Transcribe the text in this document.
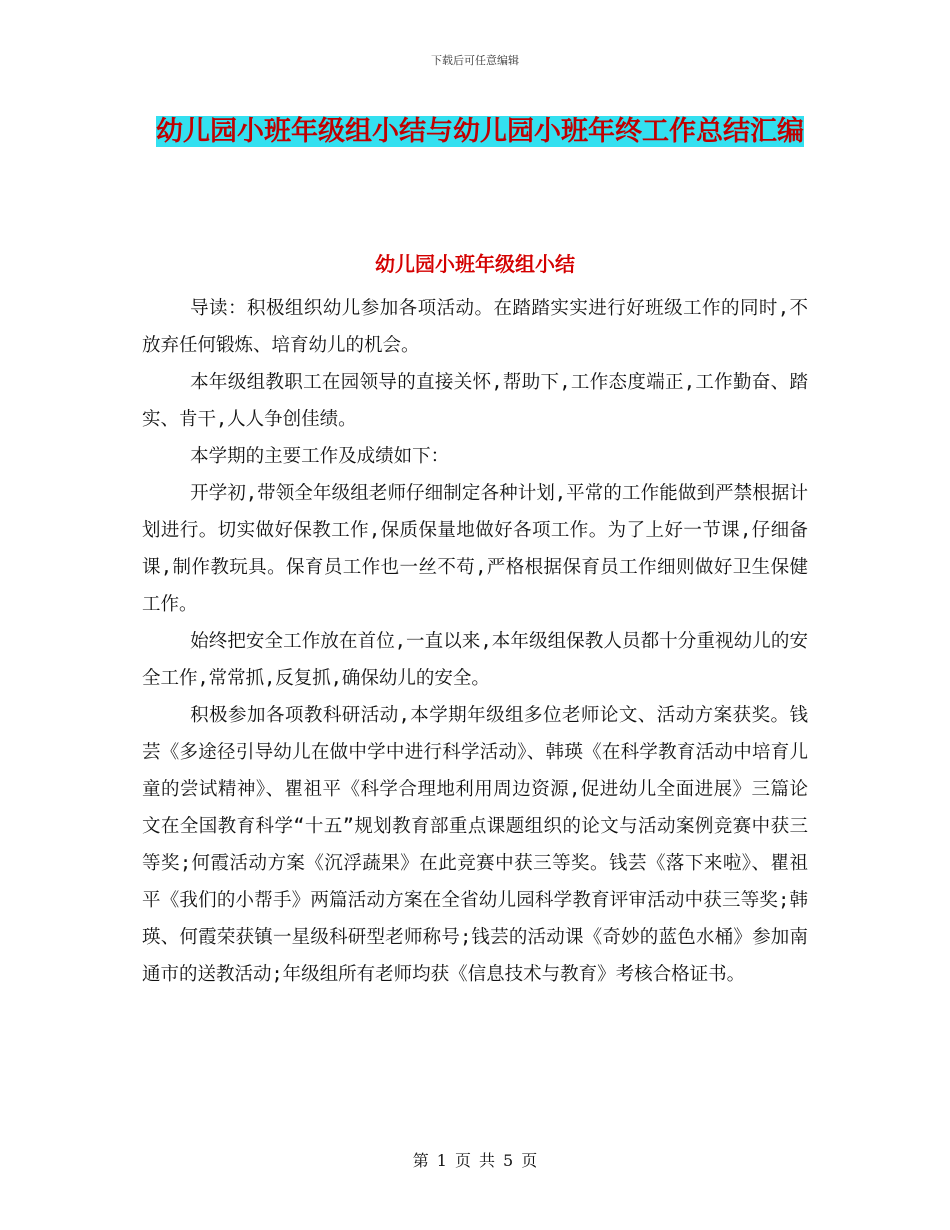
下载后可任意编辑
幼儿园小班年级组小结与幼儿园小班年终工作总结汇编
幼儿园小班年级组小结

导读：积极组织幼儿参加各项活动。在踏踏实实进行好班级工作的同时,不放弃任何锻炼、培育幼儿的机会。

本年级组教职工在园领导的直接关怀,帮助下,工作态度端正,工作勤奋、踏实、肯干,人人争创佳绩。

本学期的主要工作及成绩如下：

开学初,带领全年级组老师仔细制定各种计划,平常的工作能做到严禁根据计划进行。切实做好保教工作,保质保量地做好各项工作。为了上好一节课,仔细备课,制作教玩具。保育员工作也一丝不苟,严格根据保育员工作细则做好卫生保健工作。

始终把安全工作放在首位,一直以来,本年级组保教人员都十分重视幼儿的安全工作,常常抓,反复抓,确保幼儿的安全。

积极参加各项教科研活动,本学期年级组多位老师论文、活动方案获奖。钱芸《多途径引导幼儿在做中学中进行科学活动》、韩瑛《在科学教育活动中培育儿童的尝试精神》、瞿祖平《科学合理地利用周边资源,促进幼儿全面进展》三篇论文在全国教育科学“十五”规划教育部重点课题组织的论文与活动案例竞赛中获三等奖;何霞活动方案《沉浮蔬果》在此竞赛中获三等奖。钱芸《落下来啦》、瞿祖平《我们的小帮手》两篇活动方案在全省幼儿园科学教育评审活动中获三等奖;韩瑛、何霞荣获镇一星级科研型老师称号;钱芸的活动课《奇妙的蓝色水桶》参加南通市的送教活动;年级组所有老师均获《信息技术与教育》考核合格证书。

第 1 页 共 5 页
